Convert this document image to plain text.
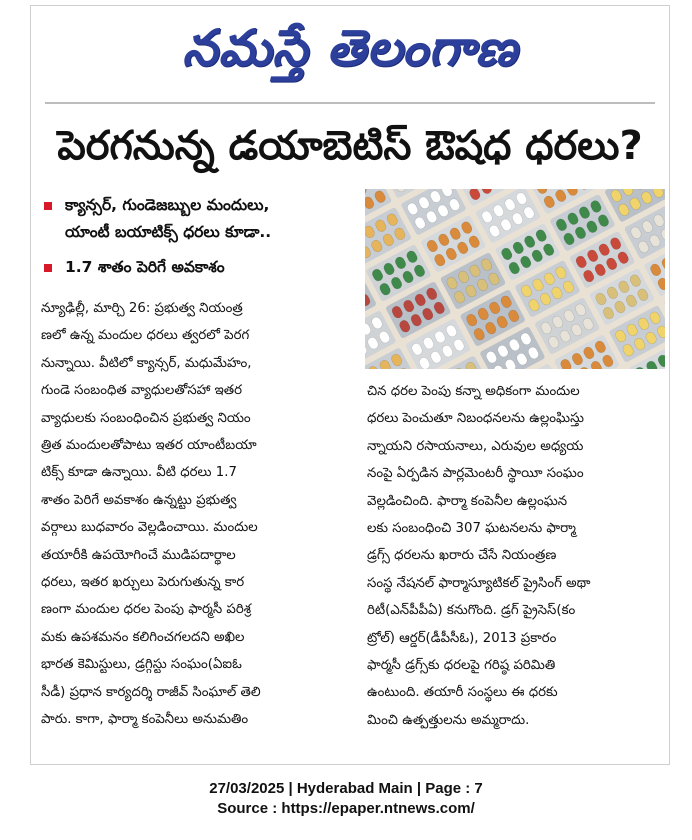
నమస్తే తెలంగాణ
పెరగనున్న డయాబెటిస్ ఔషధ ధరలు?
క్యాన్సర్, గుండెజబ్బుల మందులు,
యాంటీ బయాటిక్స్ ధరలు కూడా..
1.7 శాతం పెరిగే అవకాశం
న్యూఢిల్లీ, మార్చి 26: ప్రభుత్వ నియంత్ర
ణలో ఉన్న మందుల ధరలు త్వరలో పెరగ
నున్నాయి. వీటిలో క్యాన్సర్, మధుమేహం,
గుండె సంబంధిత వ్యాధులతోసహా ఇతర
వ్యాధులకు సంబంధించిన ప్రభుత్వ నియం
త్రిత మందులతోపాటు ఇతర యాంటీబయా
టిక్స్ కూడా ఉన్నాయి. వీటి ధరలు 1.7
శాతం పెరిగే అవకాశం ఉన్నట్టు ప్రభుత్వ
వర్గాలు బుధవారం వెల్లడించాయి. మందుల
తయారీకి ఉపయోగించే ముడిపదార్థాల
ధరలు, ఇతర ఖర్చులు పెరుగుతున్న కార
ణంగా మందుల ధరల పెంపు ఫార్మసీ పరిశ్ర
మకు ఉపశమనం కలిగించగలదని అఖిల
భారత కెమిస్టులు, డ్రగ్గిస్టు సంఘం(ఏఐఓ
సీడీ) ప్రధాన కార్యదర్శి రాజీవ్ సింఘాల్ తెలి
పారు. కాగా, ఫార్మా కంపెనీలు అనుమతిం
చిన ధరల పెంపు కన్నా అధికంగా మందుల
ధరలు పెంచుతూ నిబంధనలను ఉల్లంఘిస్తు
న్నాయని రసాయనాలు, ఎరువుల అధ్యయ
నంపై ఏర్పడిన పార్లమెంటరీ స్థాయీ సంఘం
వెల్లడించింది. ఫార్మా కంపెనీల ఉల్లంఘన
లకు సంబంధించి 307 ఘటనలను ఫార్మా
డ్రగ్స్ ధరలను ఖరారు చేసే నియంత్రణ
సంస్థ నేషనల్ ఫార్మాస్యూటికల్ ప్రైసింగ్ అథా
రిటీ(ఎన్‌పీపీఏ) కనుగొంది. డ్రగ్ ప్రైసెస్(కం
ట్రోల్) ఆర్డర్(డీపీసీఓ), 2013 ప్రకారం
ఫార్మసీ డ్రగ్స్‌కు ధరలపై గరిష్ఠ పరిమితి
ఉంటుంది. తయారీ సంస్థలు ఈ ధరకు
మించి ఉత్పత్తులను అమ్మరాదు.
27/03/2025 | Hyderabad Main | Page : 7
Source : https://epaper.ntnews.com/
